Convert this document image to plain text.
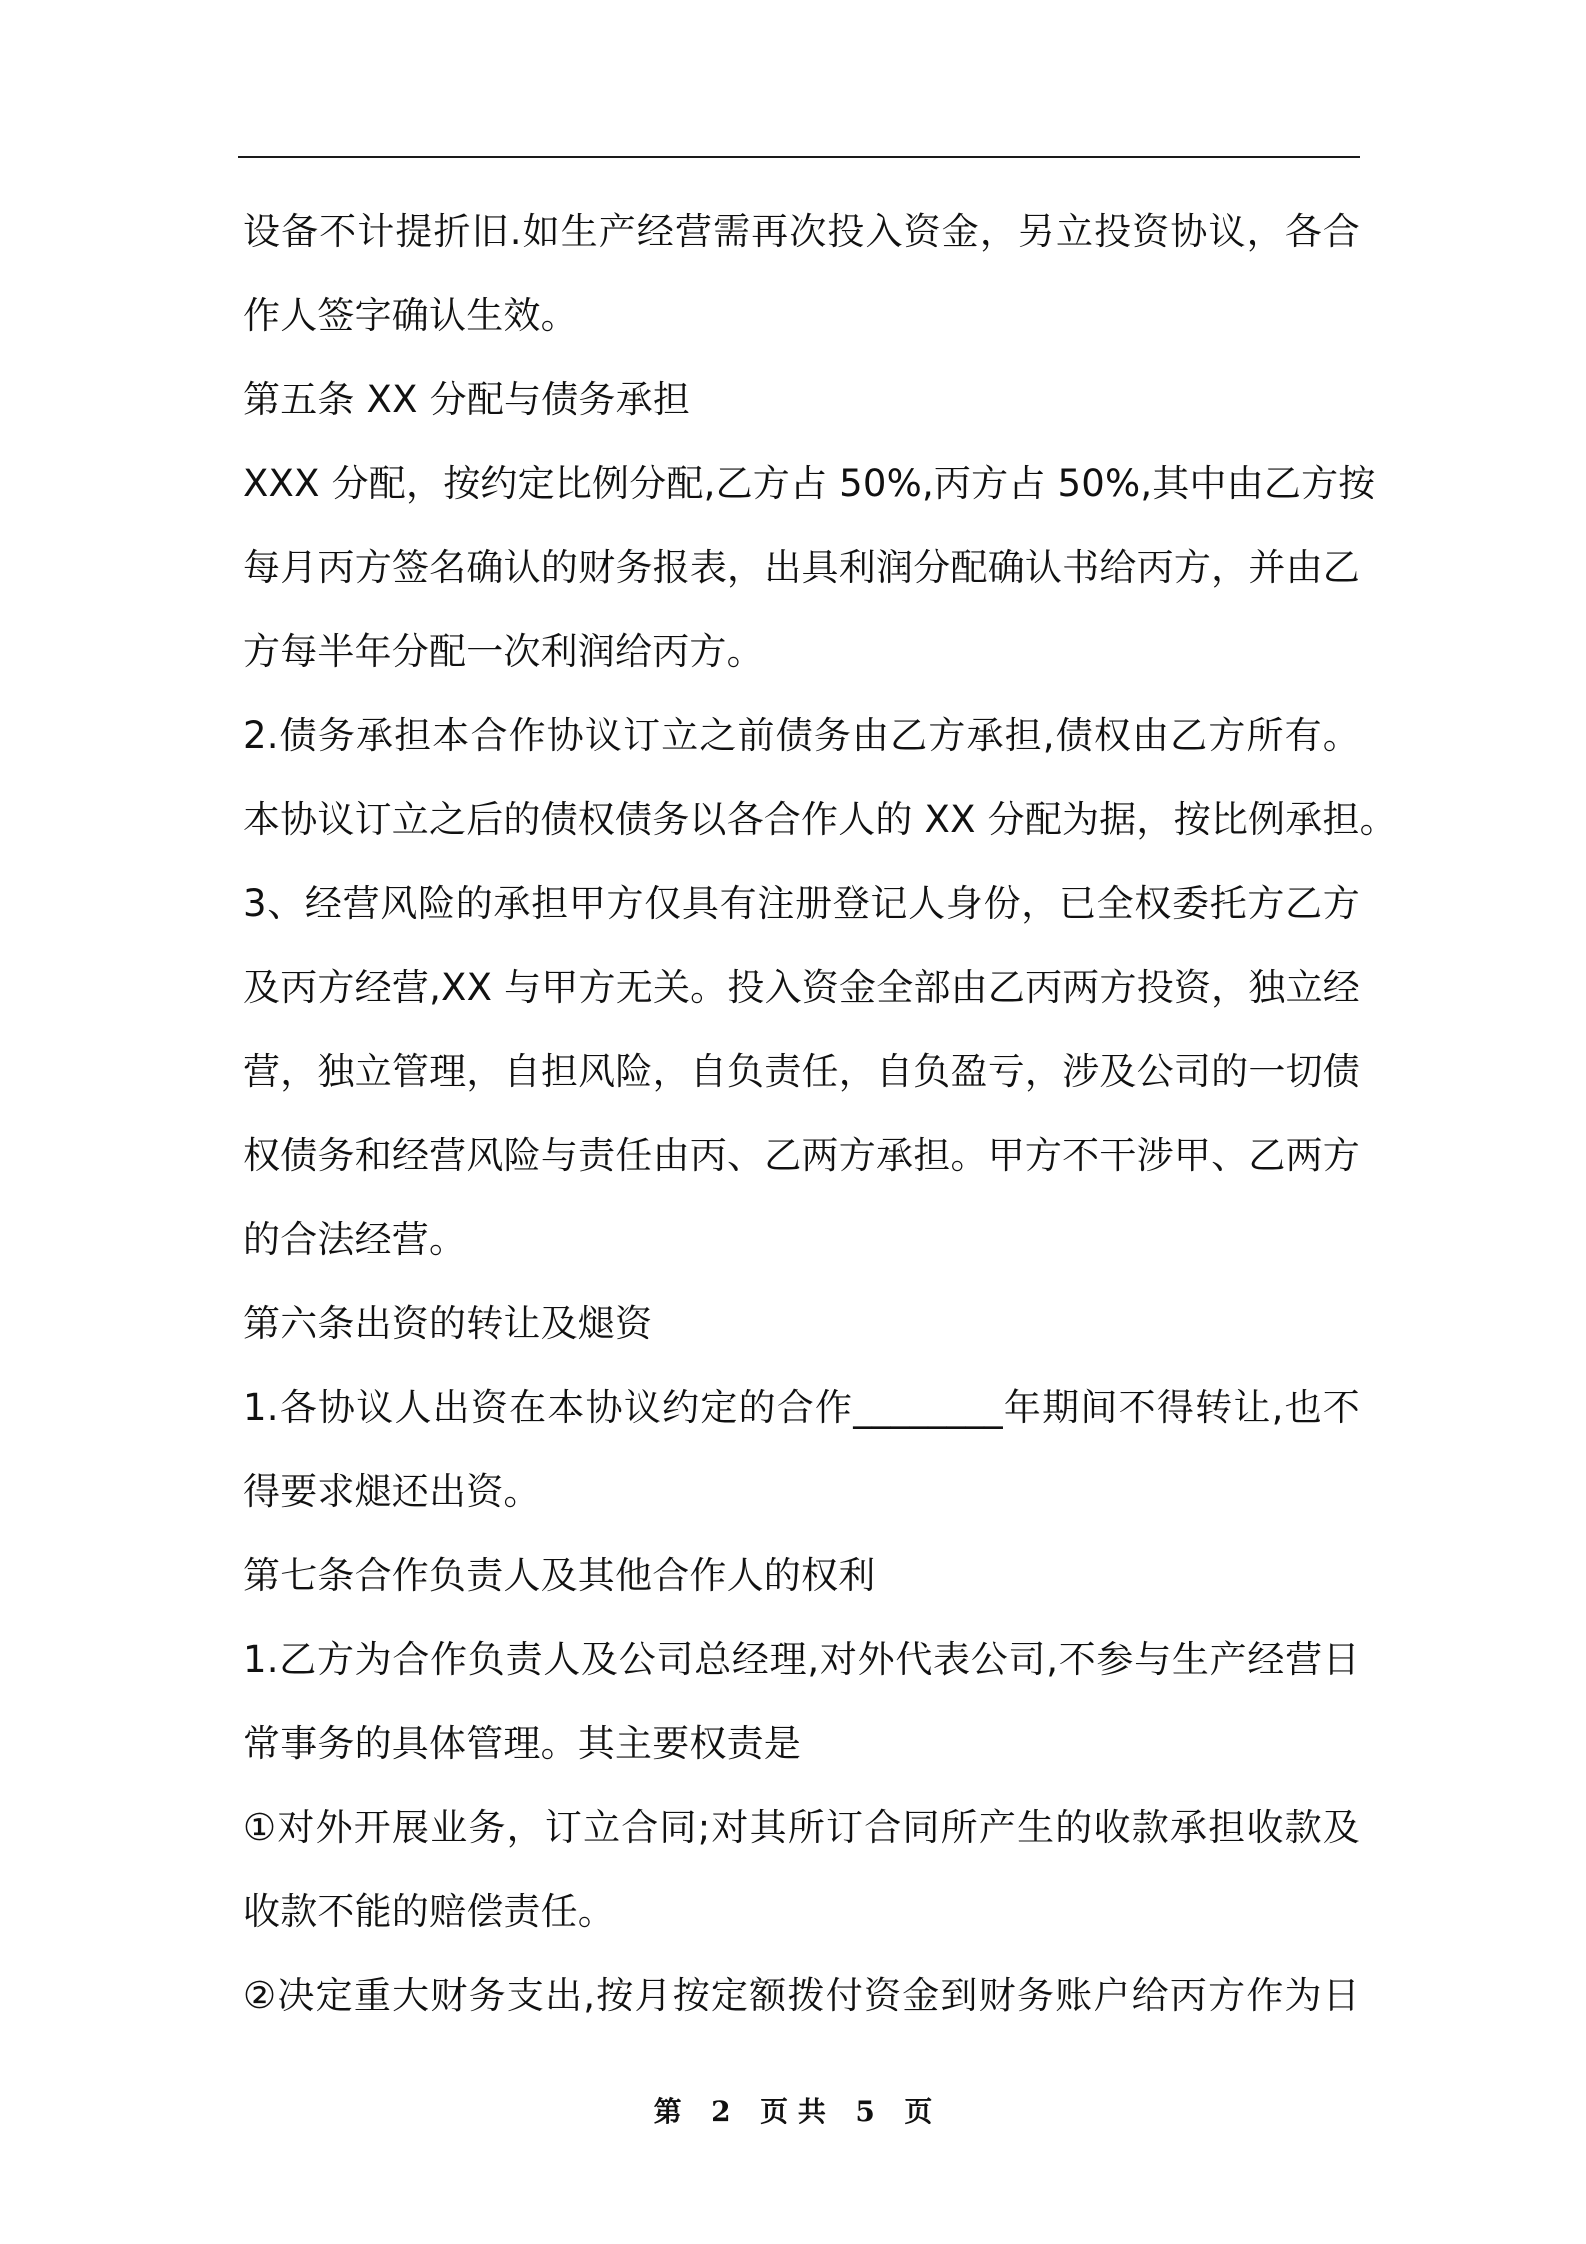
设备不计提折旧.如生产经营需再次投入资金，另立投资协议，各合
作人签字确认生效。
第五条 XX 分配与债务承担
XXX 分配，按约定比例分配,乙方占 50%,丙方占 50%,其中由乙方按
每月丙方签名确认的财务报表，出具利润分配确认书给丙方，并由乙
方每半年分配一次利润给丙方。
2.债务承担本合作协议订立之前债务由乙方承担,债权由乙方所有。
本协议订立之后的债权债务以各合作人的 XX 分配为据，按比例承担。
3、经营风险的承担甲方仅具有注册登记人身份，已全权委托方乙方
及丙方经营,XX 与甲方无关。投入资金全部由乙丙两方投资，独立经
营，独立管理，自担风险，自负责任，自负盈亏，涉及公司的一切债
权债务和经营风险与责任由丙、乙两方承担。甲方不干涉甲、乙两方
的合法经营。
第六条出资的转让及煺资
1.各协议人出资在本协议约定的合作________年期间不得转让,也不
得要求煺还出资。
第七条合作负责人及其他合作人的权利
1.乙方为合作负责人及公司总经理,对外代表公司,不参与生产经营日
常事务的具体管理。其主要权责是
①对外开展业务，订立合同;对其所订合同所产生的收款承担收款及
收款不能的赔偿责任。
②决定重大财务支出,按月按定额拨付资金到财务账户给丙方作为日
第 2 页 共 5 页
